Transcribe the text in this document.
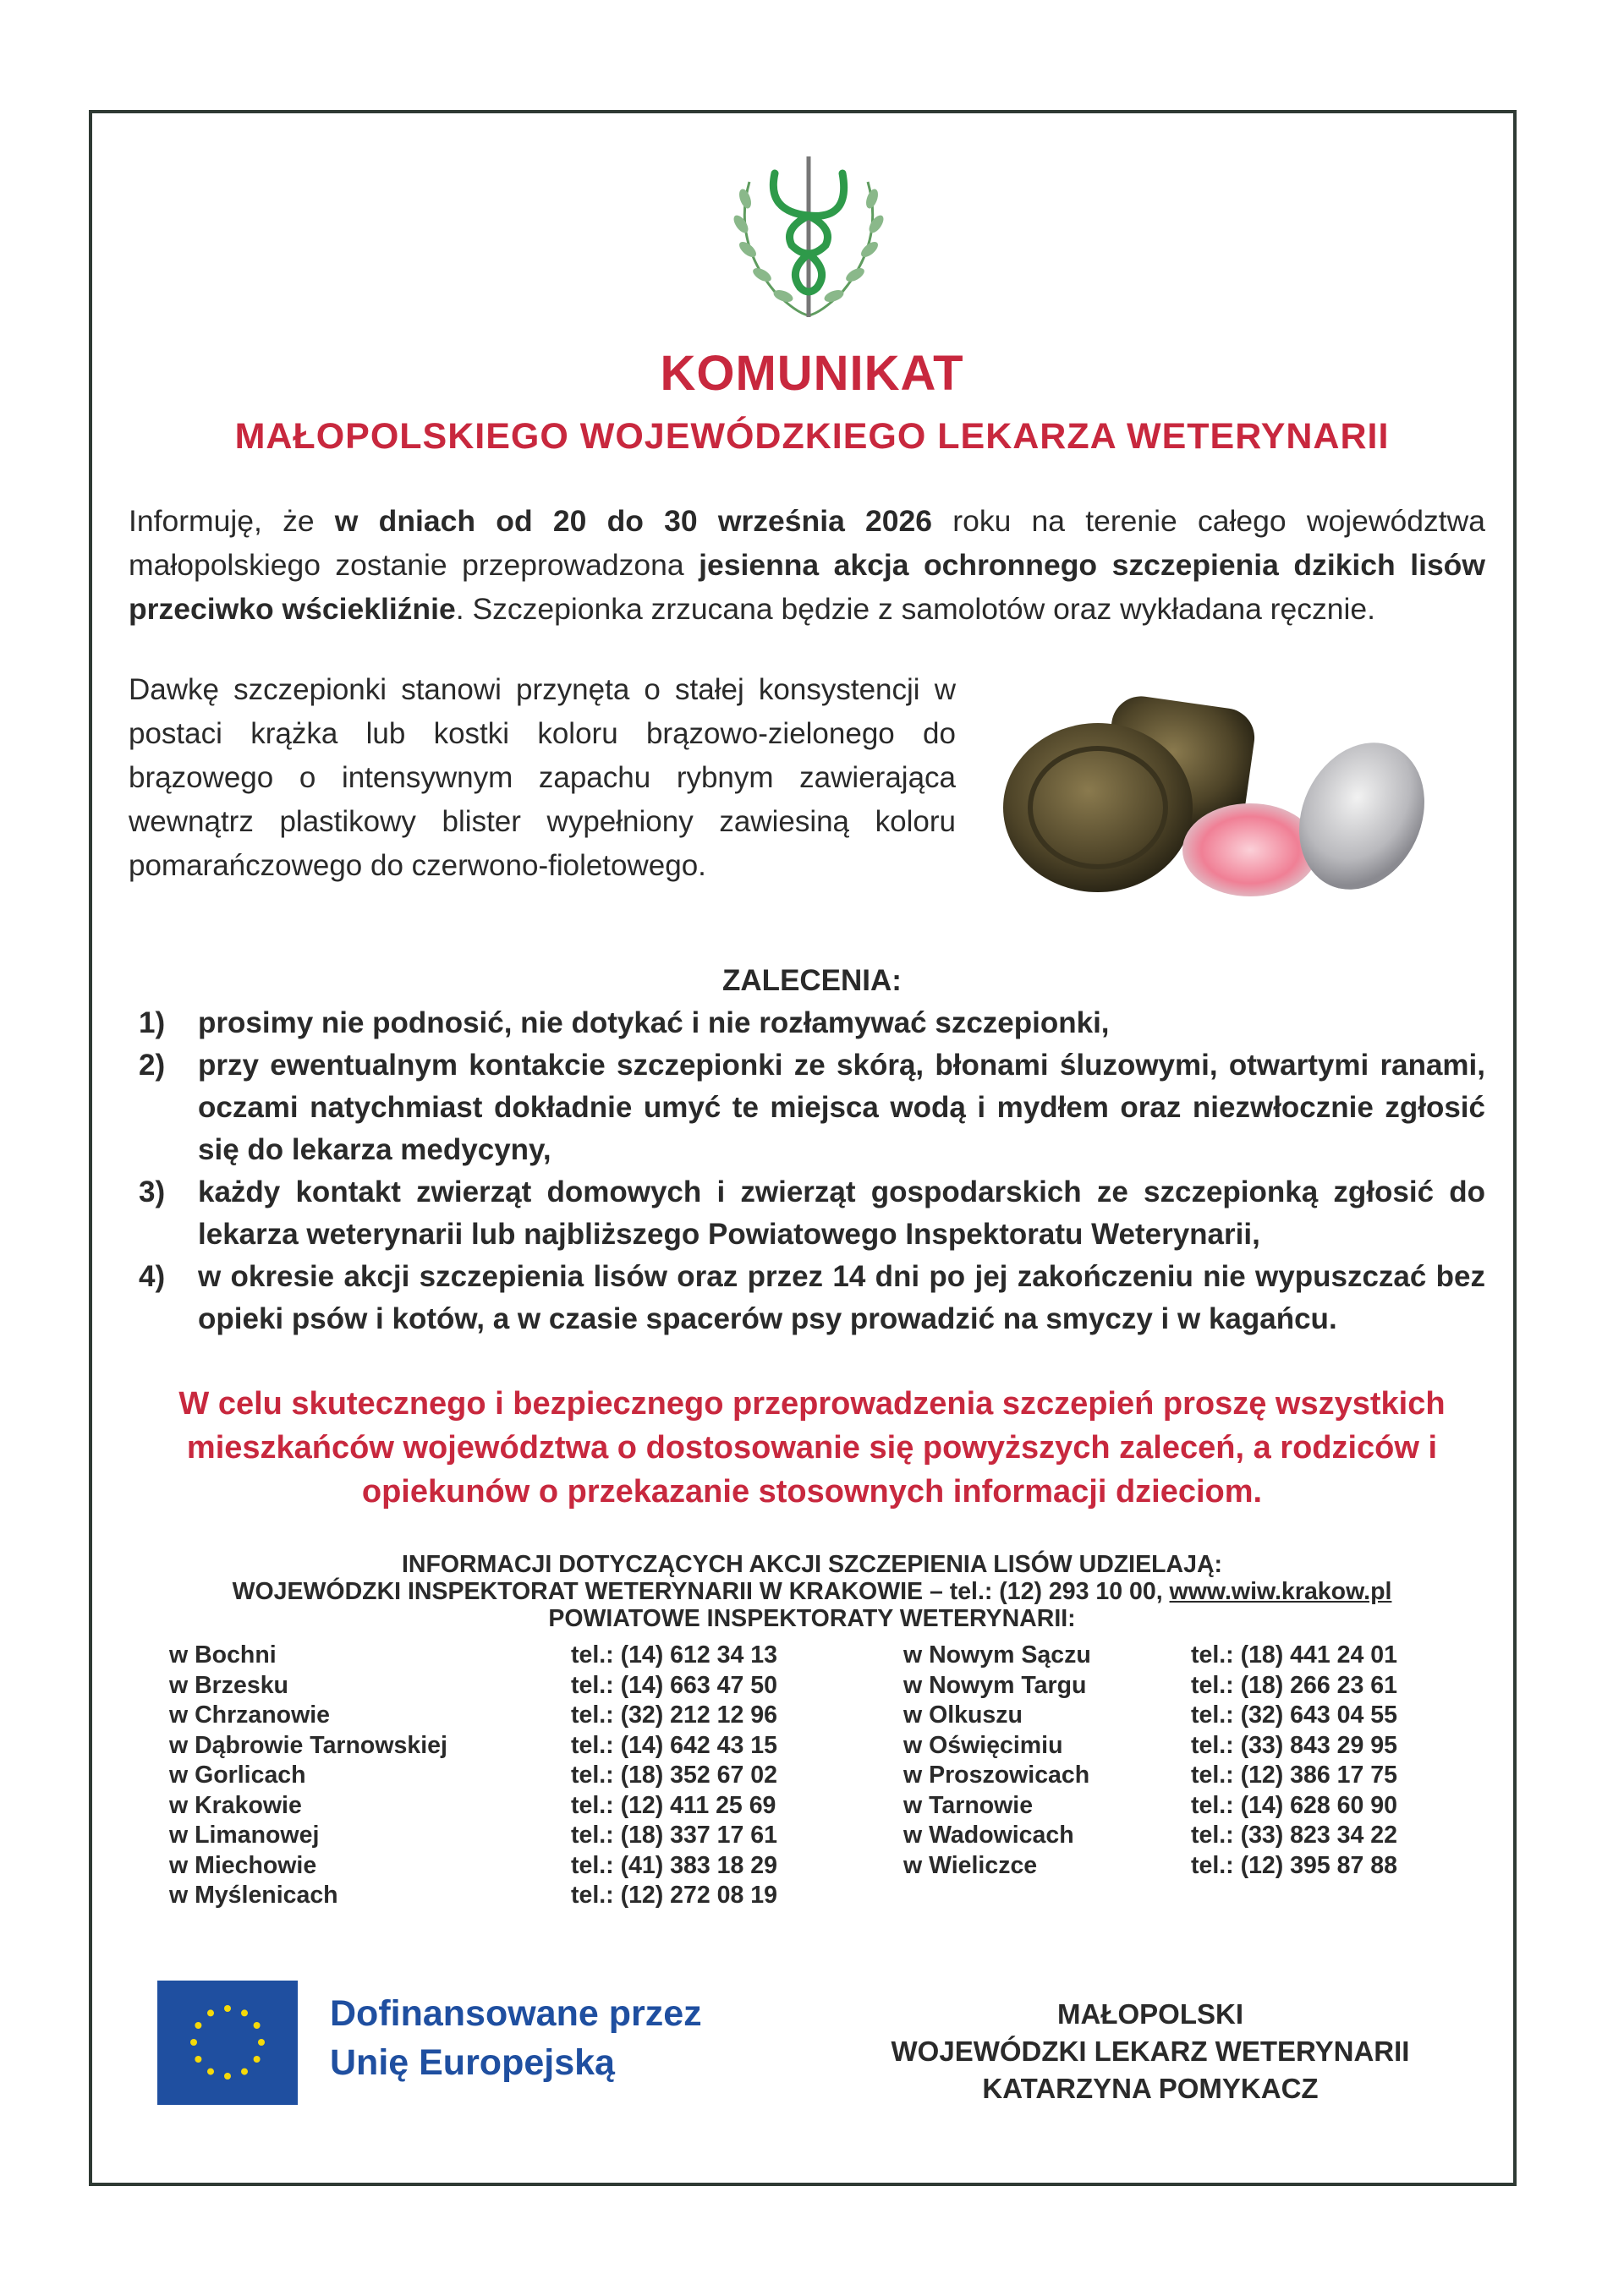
KOMUNIKAT
MAŁOPOLSKIEGO WOJEWÓDZKIEGO LEKARZA WETERYNARII
Informuję, że w dniach od 20 do 30 września 2026 roku na terenie całego województwa małopolskiego zostanie przeprowadzona jesienna akcja ochronnego szczepienia dzikich lisów przeciwko wściekliźnie. Szczepionka zrzucana będzie z samolotów oraz wykładana ręcznie.
Dawkę szczepionki stanowi przynęta o stałej konsystencji w postaci krążka lub kostki koloru brązowo-zielonego do brązowego o intensywnym zapachu rybnym zawierająca wewnątrz plastikowy blister wypełniony zawiesiną koloru pomarańczowego do czerwono-fioletowego.
ZALECENIA:
1) prosimy nie podnosić, nie dotykać i nie rozłamywać szczepionki,
2) przy ewentualnym kontakcie szczepionki ze skórą, błonami śluzowymi, otwartymi ranami, oczami natychmiast dokładnie umyć te miejsca wodą i mydłem oraz niezwłocznie zgłosić się do lekarza medycyny,
3) każdy kontakt zwierząt domowych i zwierząt gospodarskich ze szczepionką zgłosić do lekarza weterynarii lub najbliższego Powiatowego Inspektoratu Weterynarii,
4) w okresie akcji szczepienia lisów oraz przez 14 dni po jej zakończeniu nie wypuszczać bez opieki psów i kotów, a w czasie spacerów psy prowadzić na smyczy i w kagańcu.
W celu skutecznego i bezpiecznego przeprowadzenia szczepień proszę wszystkich mieszkańców województwa o dostosowanie się powyższych zaleceń, a rodziców i opiekunów o przekazanie stosownych informacji dzieciom.
INFORMACJI DOTYCZĄCYCH AKCJI SZCZEPIENIA LISÓW UDZIELAJĄ:
WOJEWÓDZKI INSPEKTORAT WETERYNARII W KRAKOWIE – tel.: (12) 293 10 00, www.wiw.krakow.pl
POWIATOWE INSPEKTORATY WETERYNARII:
w Bochni
w Brzesku
w Chrzanowie
w Dąbrowie Tarnowskiej
w Gorlicach
w Krakowie
w Limanowej
w Miechowie
w Myślenicach
tel.: (14) 612 34 13
tel.: (14) 663 47 50
tel.: (32) 212 12 96
tel.: (14) 642 43 15
tel.: (18) 352 67 02
tel.: (12) 411 25 69
tel.: (18) 337 17 61
tel.: (41) 383 18 29
tel.: (12) 272 08 19
w Nowym Sączu
w Nowym Targu
w Olkuszu
w Oświęcimiu
w Proszowicach
w Tarnowie
w Wadowicach
w Wieliczce
tel.: (18) 441 24 01
tel.: (18) 266 23 61
tel.: (32) 643 04 55
tel.: (33) 843 29 95
tel.: (12) 386 17 75
tel.: (14) 628 60 90
tel.: (33) 823 34 22
tel.: (12) 395 87 88
Dofinansowane przez
Unię Europejską
MAŁOPOLSKI
WOJEWÓDZKI LEKARZ WETERYNARII
KATARZYNA POMYKACZ
